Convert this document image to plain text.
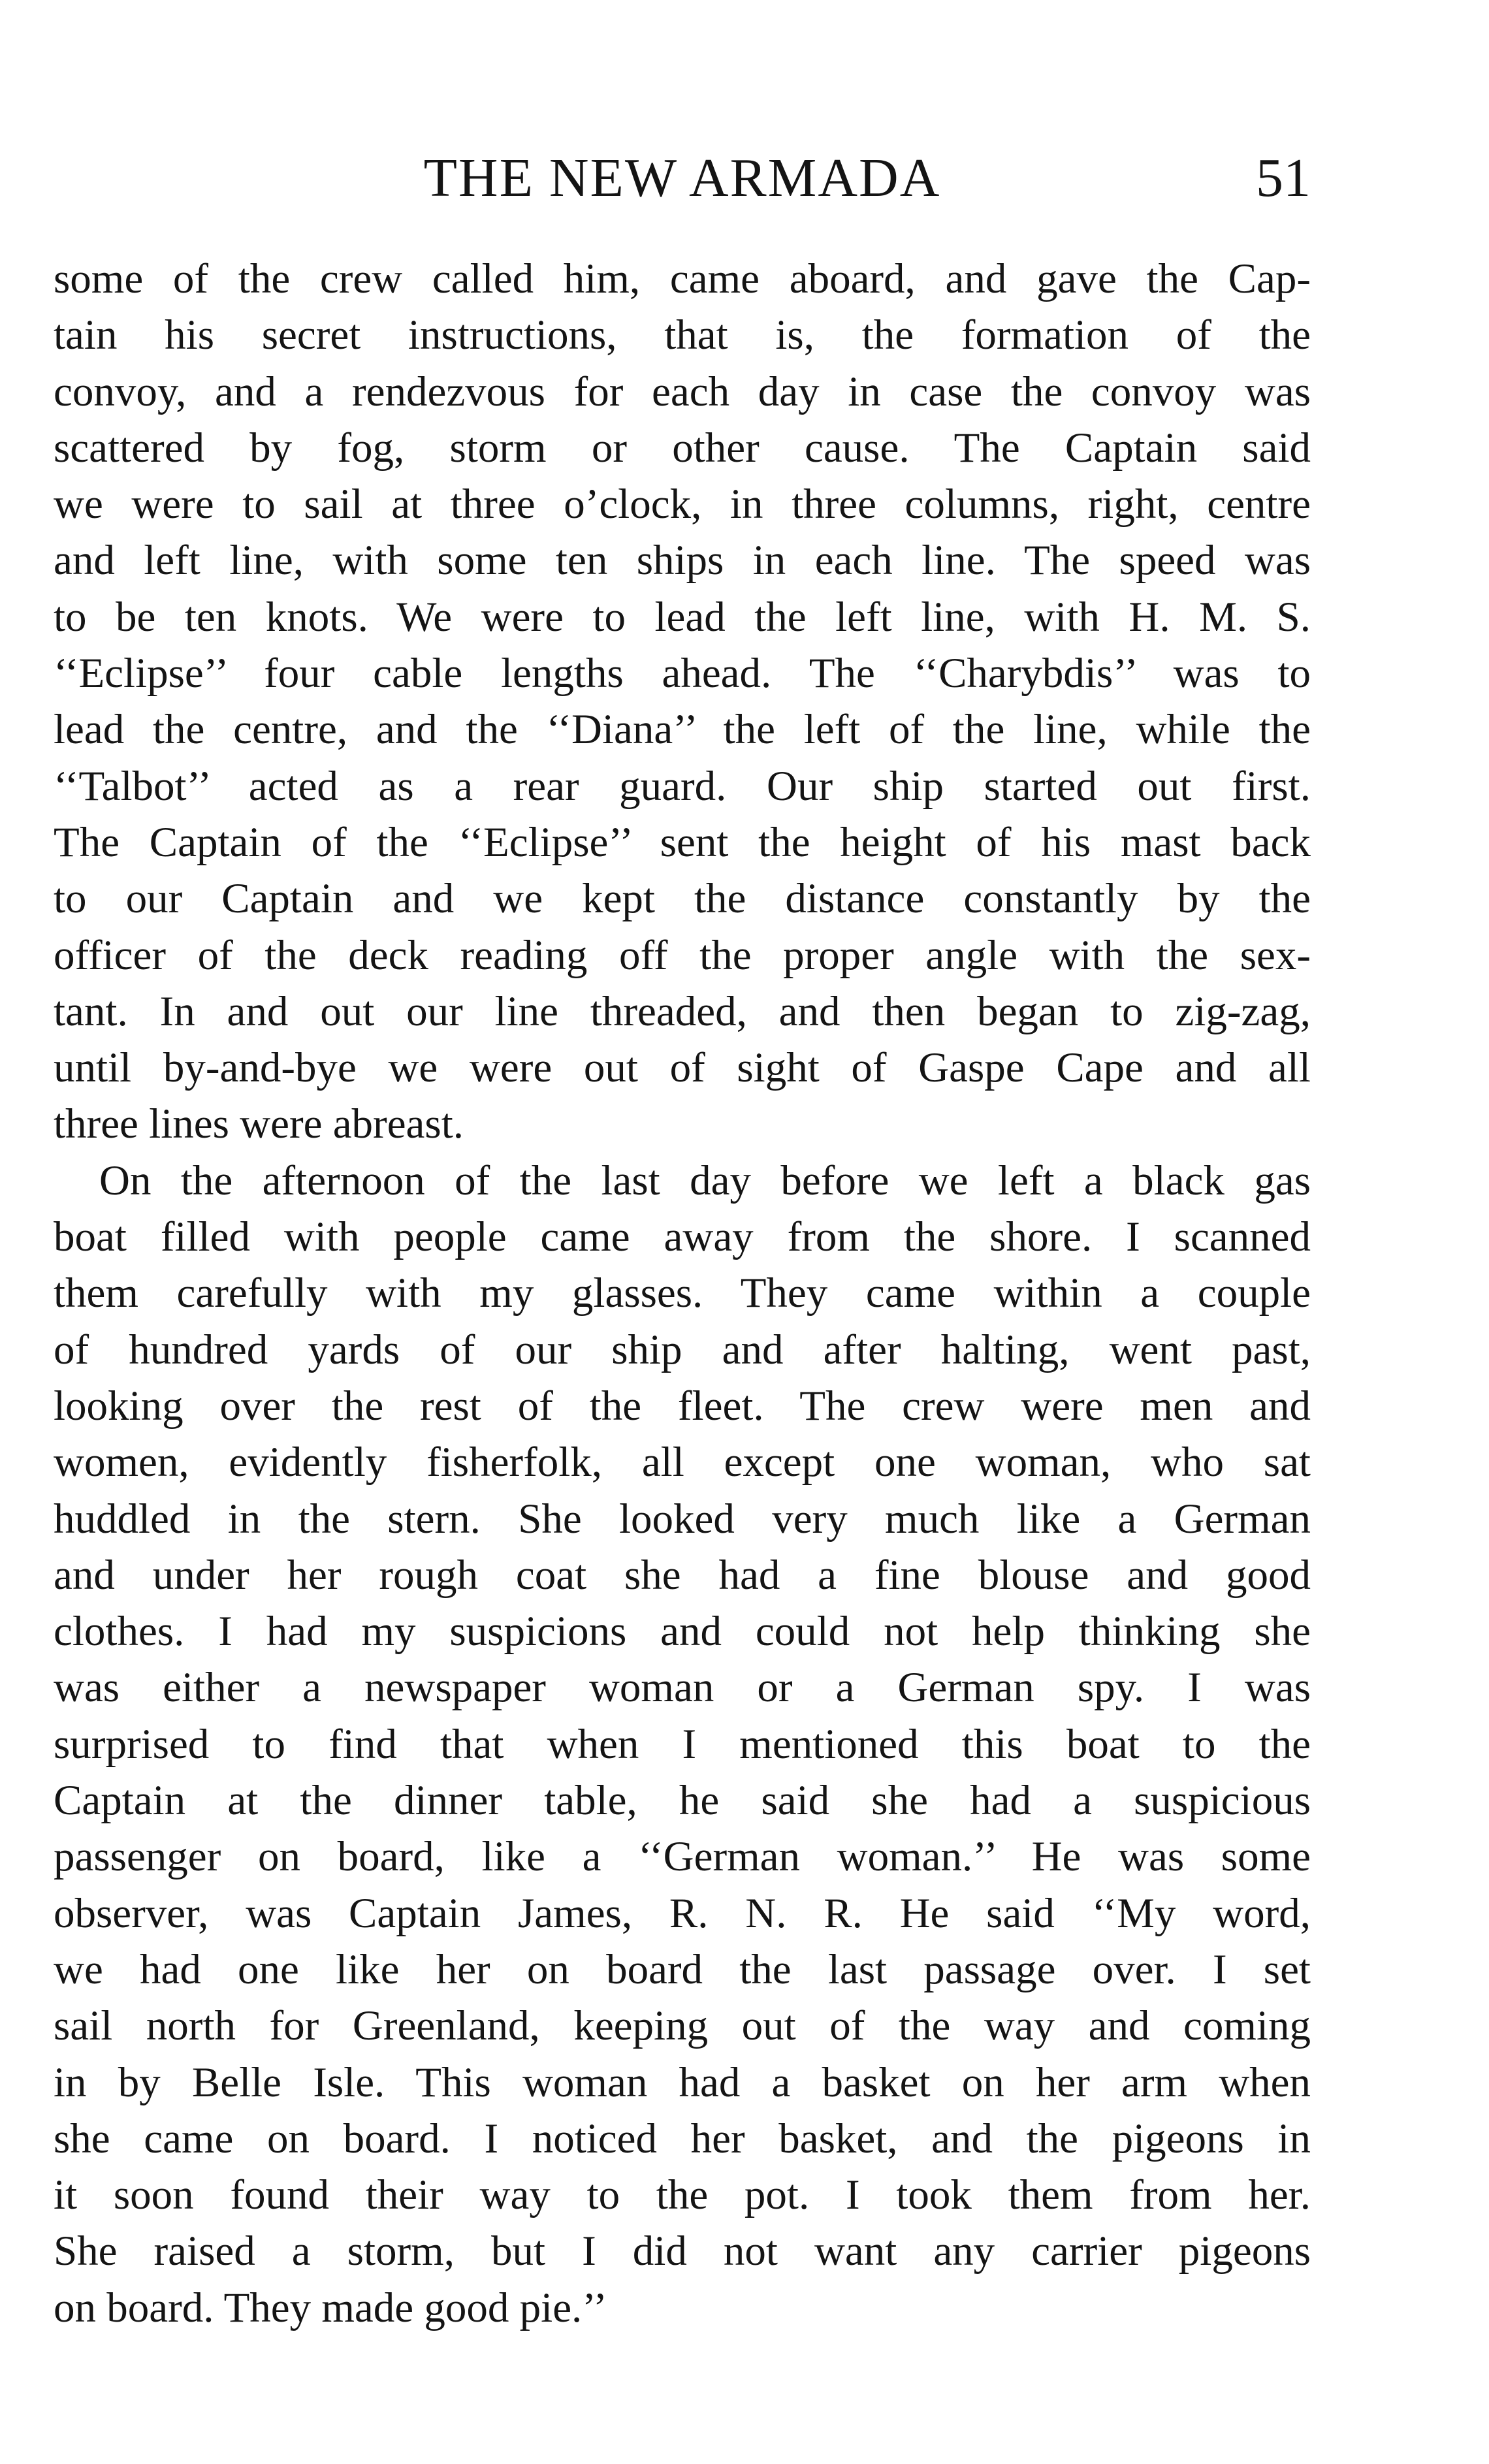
THE NEW ARMADA	51
some of the crew called him, came aboard, and gave the Cap-
tain his secret instructions, that is, the formation of the
convoy, and a rendezvous for each day in case the convoy was
scattered by fog, storm or other cause. The Captain said
we were to sail at three o’clock, in three columns, right, centre
and left line, with some ten ships in each line. The speed was
to be ten knots. We were to lead the left line, with H. M. S.
‘‘Eclipse’’ four cable lengths ahead. The ‘‘Charybdis’’ was to
lead the centre, and the ‘‘Diana’’ the left of the line, while the
‘‘Talbot’’ acted as a rear guard. Our ship started out first.
The Captain of the ‘‘Eclipse’’ sent the height of his mast back
to our Captain and we kept the distance constantly by the
officer of the deck reading off the proper angle with the sex-
tant. In and out our line threaded, and then began to zig-zag,
until by-and-bye we were out of sight of Gaspe Cape and all
three lines were abreast.
On the afternoon of the last day before we left a black gas
boat filled with people came away from the shore. I scanned
them carefully with my glasses. They came within a couple
of hundred yards of our ship and after halting, went past,
looking over the rest of the fleet. The crew were men and
women, evidently fisherfolk, all except one woman, who sat
huddled in the stern. She looked very much like a German
and under her rough coat she had a fine blouse and good
clothes. I had my suspicions and could not help thinking she
was either a newspaper woman or a German spy. I was
surprised to find that when I mentioned this boat to the
Captain at the dinner table, he said she had a suspicious
passenger on board, like a ‘‘German woman.’’ He was some
observer, was Captain James, R. N. R. He said ‘‘My word,
we had one like her on board the last passage over. I set
sail north for Greenland, keeping out of the way and coming
in by Belle Isle. This woman had a basket on her arm when
she came on board. I noticed her basket, and the pigeons in
it soon found their way to the pot. I took them from her.
She raised a storm, but I did not want any carrier pigeons
on board. They made good pie.’’
